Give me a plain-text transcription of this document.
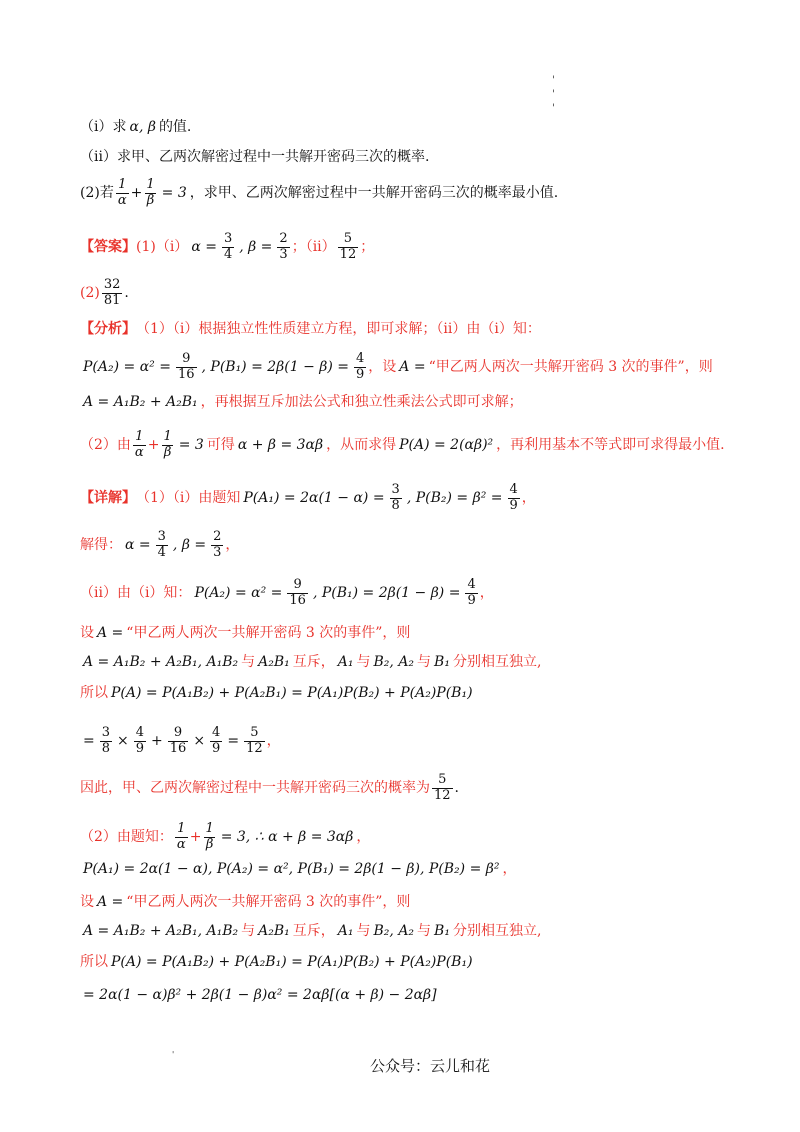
'
'
'
（i）求 α, β 的值.
（ii）求甲、乙两次解密过程中一共解开密码三次的概率.
(2)若 $\frac{1}{\alpha} + \frac{1}{\beta} = 3$ ，求甲、乙两次解密过程中一共解开密码三次的概率最小值.
【答案】 (1)（i） $\alpha = \frac{3}{4}$ , $\beta = \frac{2}{3}$ ；$(ii) \frac{5}{12}$ ；
$(2) \frac{32}{81}$ .
【分析】 （1）（i）根据独立性性质建立方程，即可求解；（ii）由（i）知：
$P(A_2) = \alpha^2 = \frac{9}{16}$ , $P(B_1) = 2\beta(1 - \beta) = \frac{4}{9}$ ，设 A = “甲乙两人两次一共解开密码 3 次的事件”，则
A = A₁B₂ + A₂B₁ ，再根据互斥加法公式和独立性乘法公式即可求解；
（2）由 $\frac{1}{\alpha} + \frac{1}{\beta} = 3$ 可得 α + β = 3αβ ，从而求得 P(A) = 2(αβ)² ，再利用基本不等式即可求得最小值.
【详解】 （1）（i）由题知 $P(A_1) = 2\alpha(1 - \alpha) = \frac{3}{8}$ , $P(B_2) = \beta^2 = \frac{4}{9}$ ，
解得： $\alpha = \frac{3}{4}$ , $\beta = \frac{2}{3}$ ，
（ii）由（i）知： $P(A_2) = \alpha^2 = \frac{9}{16}$ , $P(B_1) = 2\beta(1 - \beta) = \frac{4}{9}$ ，
设 A = “甲乙两人两次一共解开密码 3 次的事件”，则
A = A₁B₂ + A₂B₁, A₁B₂ 与 A₂B₁ 互斥， A₁ 与 B₂, A₂ 与 B₁ 分别相互独立,
所以 P(A) = P(A₁B₂) + P(A₂B₁) = P(A₁)P(B₂) + P(A₂)P(B₁)
= $\frac{3}{8} \times \frac{4}{9} + \frac{9}{16} \times \frac{4}{9} = \frac{5}{12}$ ，
因此，甲、乙两次解密过程中一共解开密码三次的概率为 $\frac{5}{12}$ .
（2）由题知： $\frac{1}{\alpha} + \frac{1}{\beta} = 3$, ∴ α + β = 3αβ ，
P(A₁) = 2α(1 − α), P(A₂) = α², P(B₁) = 2β(1 − β), P(B₂) = β² ，
设 A = “甲乙两人两次一共解开密码 3 次的事件”，则
A = A₁B₂ + A₂B₁, A₁B₂ 与 A₂B₁ 互斥， A₁ 与 B₂, A₂ 与 B₁ 分别相互独立,
所以 P(A) = P(A₁B₂) + P(A₂B₁) = P(A₁)P(B₂) + P(A₂)P(B₁)
= 2α(1 − α)β² + 2β(1 − β)α² = 2αβ[(α + β) − 2αβ]
'
公众号：云儿和花
